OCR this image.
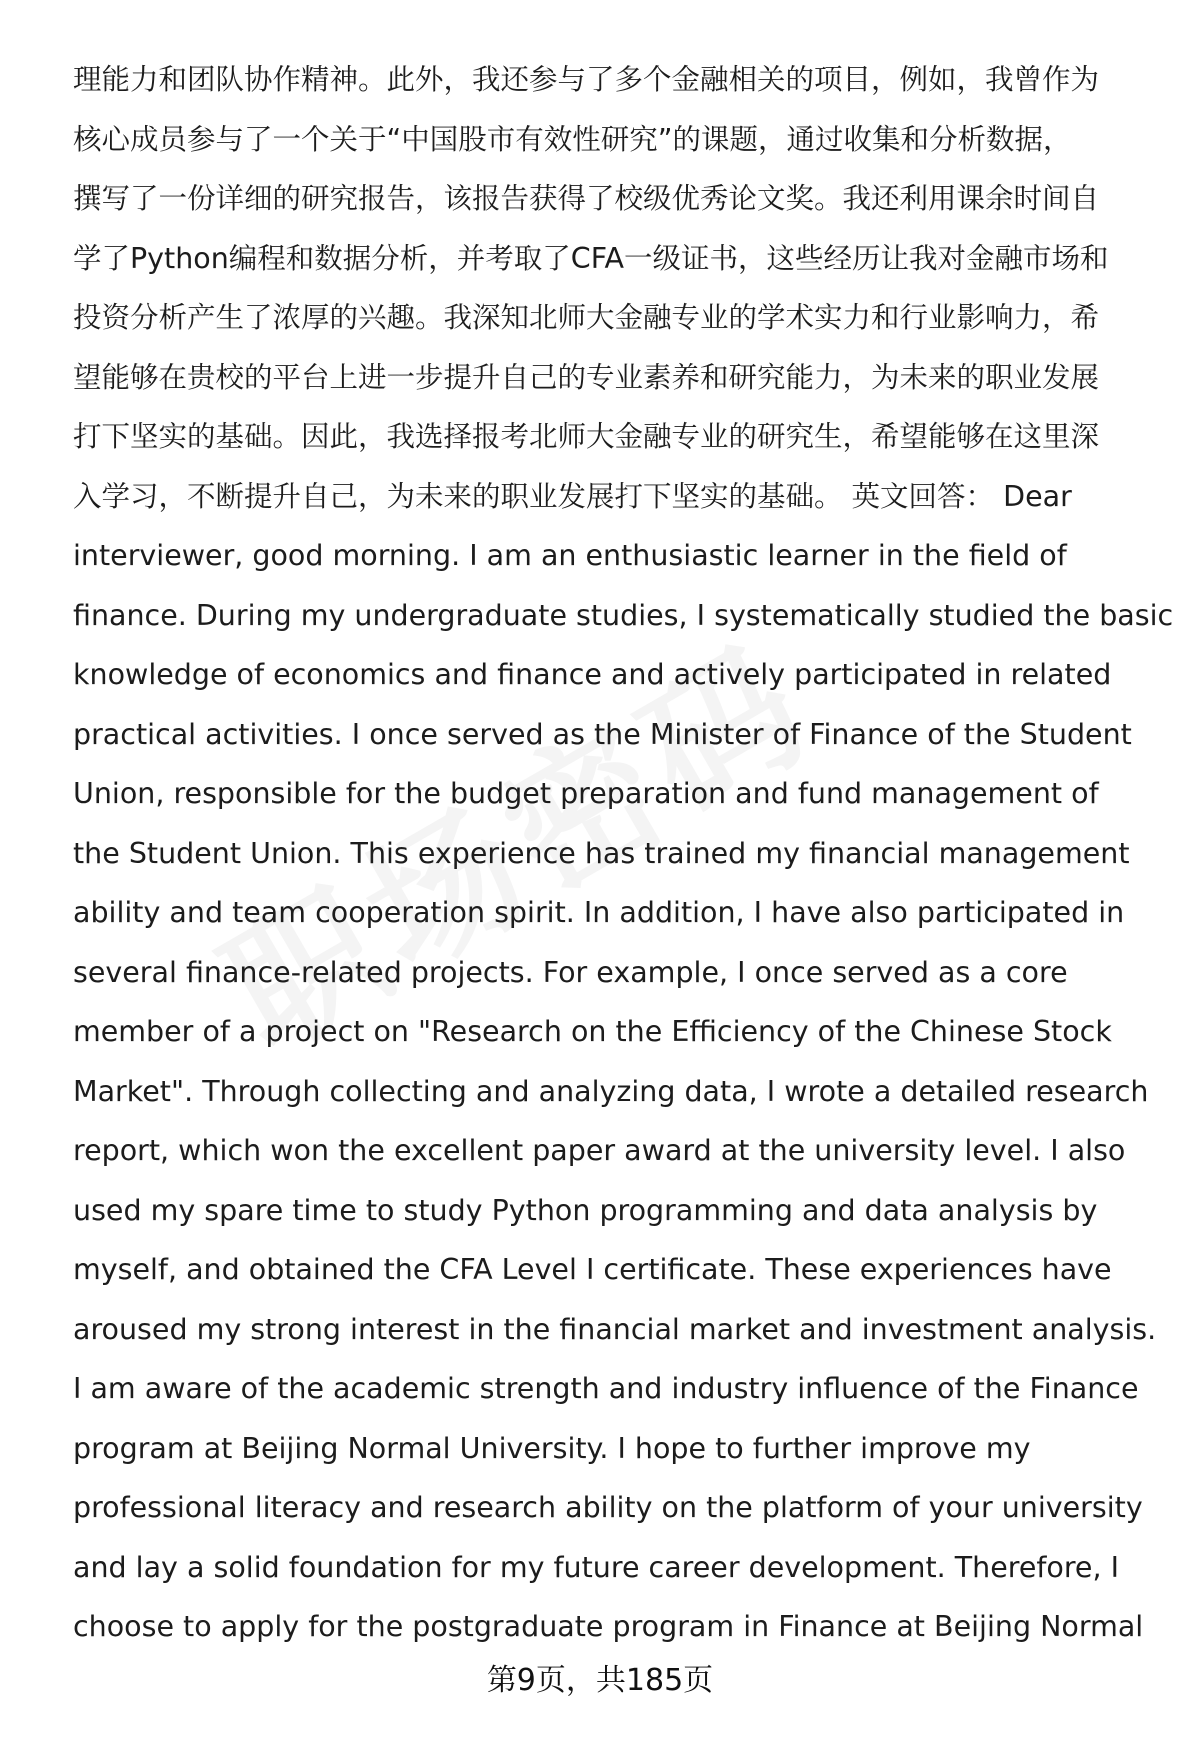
理能力和团队协作精神。此外，我还参与了多个金融相关的项目，例如，我曾作为
核心成员参与了一个关于“中国股市有效性研究”的课题，通过收集和分析数据，
撰写了一份详细的研究报告，该报告获得了校级优秀论文奖。我还利用课余时间自
学了Python编程和数据分析，并考取了CFA一级证书，这些经历让我对金融市场和
投资分析产生了浓厚的兴趣。我深知北师大金融专业的学术实力和行业影响力，希
望能够在贵校的平台上进一步提升自己的专业素养和研究能力，为未来的职业发展
打下坚实的基础。因此，我选择报考北师大金融专业的研究生，希望能够在这里深
入学习，不断提升自己，为未来的职业发展打下坚实的基础。 英文回答： Dear
interviewer, good morning. I am an enthusiastic learner in the field of
finance. During my undergraduate studies, I systematically studied the basic
knowledge of economics and finance and actively participated in related
practical activities. I once served as the Minister of Finance of the Student
Union, responsible for the budget preparation and fund management of
the Student Union. This experience has trained my financial management
ability and team cooperation spirit. In addition, I have also participated in
several finance-related projects. For example, I once served as a core
member of a project on "Research on the Efficiency of the Chinese Stock
Market". Through collecting and analyzing data, I wrote a detailed research
report, which won the excellent paper award at the university level. I also
used my spare time to study Python programming and data analysis by
myself, and obtained the CFA Level I certificate. These experiences have
aroused my strong interest in the financial market and investment analysis.
I am aware of the academic strength and industry influence of the Finance
program at Beijing Normal University. I hope to further improve my
professional literacy and research ability on the platform of your university
and lay a solid foundation for my future career development. Therefore, I
choose to apply for the postgraduate program in Finance at Beijing Normal
第9页，共185页
